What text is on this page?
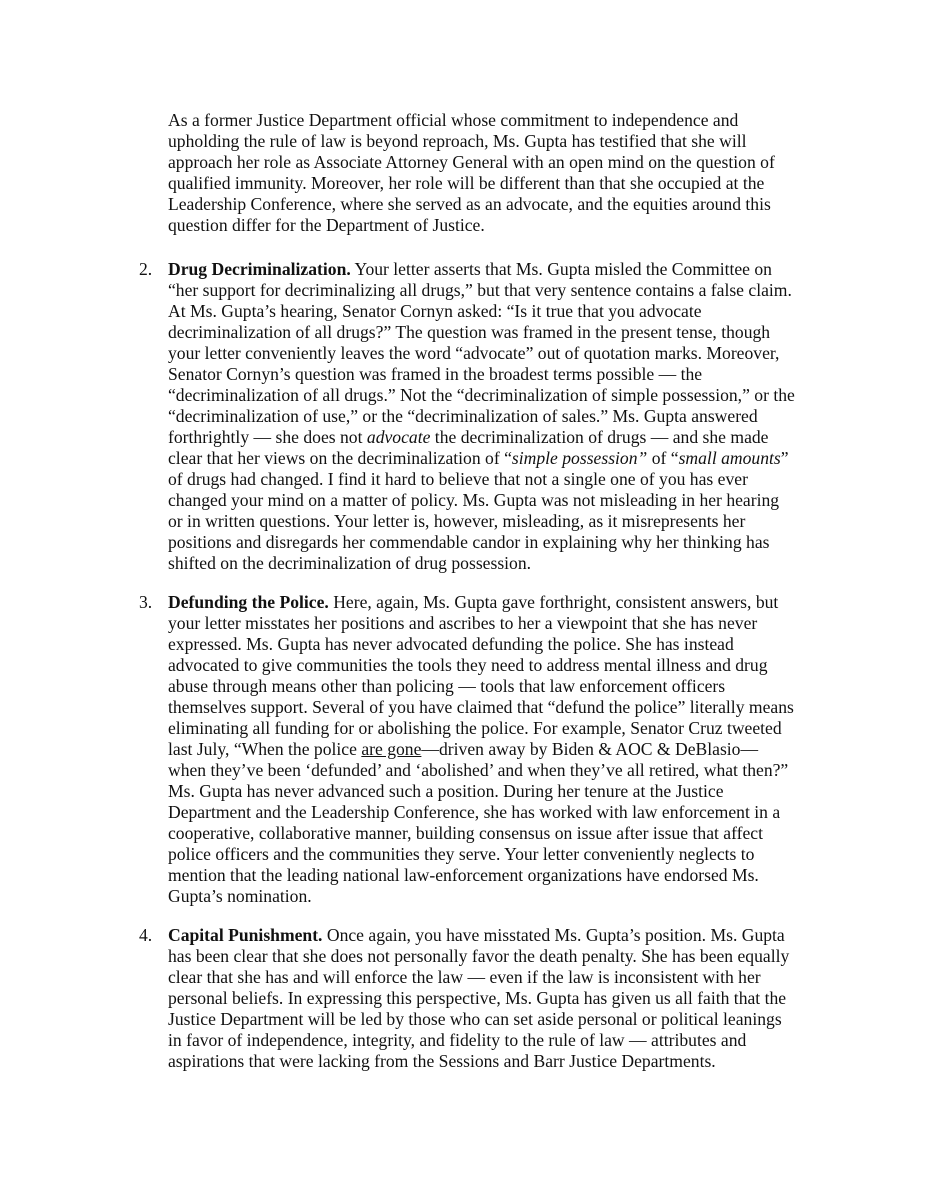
As a former Justice Department official whose commitment to independence and
upholding the rule of law is beyond reproach, Ms. Gupta has testified that she will
approach her role as Associate Attorney General with an open mind on the question of
qualified immunity. Moreover, her role will be different than that she occupied at the
Leadership Conference, where she served as an advocate, and the equities around this
question differ for the Department of Justice.
2. Drug Decriminalization. Your letter asserts that Ms. Gupta misled the Committee on
“her support for decriminalizing all drugs,” but that very sentence contains a false claim.
At Ms. Gupta’s hearing, Senator Cornyn asked: “Is it true that you advocate
decriminalization of all drugs?” The question was framed in the present tense, though
your letter conveniently leaves the word “advocate” out of quotation marks. Moreover,
Senator Cornyn’s question was framed in the broadest terms possible — the
“decriminalization of all drugs.” Not the “decriminalization of simple possession,” or the
“decriminalization of use,” or the “decriminalization of sales.” Ms. Gupta answered
forthrightly — she does not advocate the decriminalization of drugs — and she made
clear that her views on the decriminalization of “simple possession” of “small amounts”
of drugs had changed. I find it hard to believe that not a single one of you has ever
changed your mind on a matter of policy. Ms. Gupta was not misleading in her hearing
or in written questions. Your letter is, however, misleading, as it misrepresents her
positions and disregards her commendable candor in explaining why her thinking has
shifted on the decriminalization of drug possession.
3. Defunding the Police. Here, again, Ms. Gupta gave forthright, consistent answers, but
your letter misstates her positions and ascribes to her a viewpoint that she has never
expressed. Ms. Gupta has never advocated defunding the police. She has instead
advocated to give communities the tools they need to address mental illness and drug
abuse through means other than policing — tools that law enforcement officers
themselves support. Several of you have claimed that “defund the police” literally means
eliminating all funding for or abolishing the police. For example, Senator Cruz tweeted
last July, “When the police are gone—driven away by Biden & AOC & DeBlasio—
when they’ve been ‘defunded’ and ‘abolished’ and when they’ve all retired, what then?”
Ms. Gupta has never advanced such a position. During her tenure at the Justice
Department and the Leadership Conference, she has worked with law enforcement in a
cooperative, collaborative manner, building consensus on issue after issue that affect
police officers and the communities they serve. Your letter conveniently neglects to
mention that the leading national law-enforcement organizations have endorsed Ms.
Gupta’s nomination.
4. Capital Punishment. Once again, you have misstated Ms. Gupta’s position. Ms. Gupta
has been clear that she does not personally favor the death penalty. She has been equally
clear that she has and will enforce the law — even if the law is inconsistent with her
personal beliefs. In expressing this perspective, Ms. Gupta has given us all faith that the
Justice Department will be led by those who can set aside personal or political leanings
in favor of independence, integrity, and fidelity to the rule of law — attributes and
aspirations that were lacking from the Sessions and Barr Justice Departments.
